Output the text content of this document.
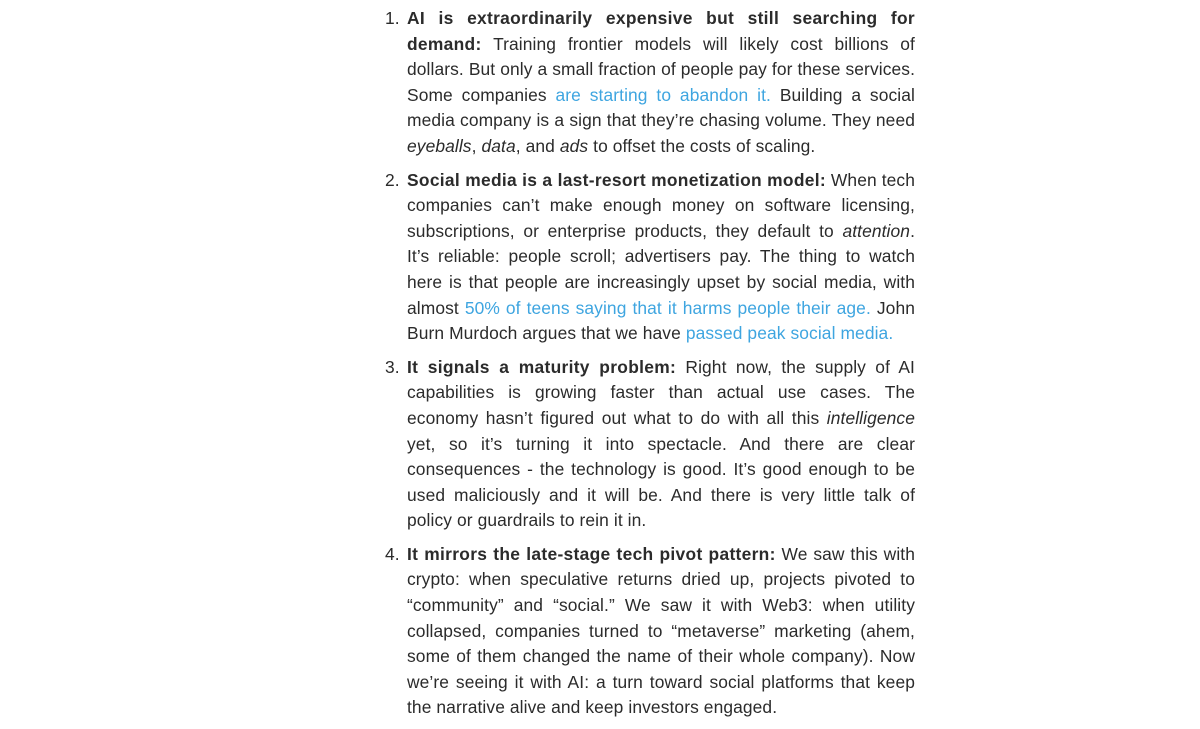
1. AI is extraordinarily expensive but still searching for demand: Training frontier models will likely cost billions of dollars. But only a small fraction of people pay for these services. Some companies are starting to abandon it. Building a social media company is a sign that they’re chasing volume. They need eyeballs, data, and ads to offset the costs of scaling.
2. Social media is a last-resort monetization model: When tech companies can’t make enough money on software licensing, subscriptions, or enterprise products, they default to attention. It’s reliable: people scroll; advertisers pay. The thing to watch here is that people are increasingly upset by social media, with almost 50% of teens saying that it harms people their age. John Burn Murdoch argues that we have passed peak social media.
3. It signals a maturity problem: Right now, the supply of AI capabilities is growing faster than actual use cases. The economy hasn’t figured out what to do with all this intelligence yet, so it’s turning it into spectacle. And there are clear consequences - the technology is good. It’s good enough to be used maliciously and it will be. And there is very little talk of policy or guardrails to rein it in.
4. It mirrors the late-stage tech pivot pattern: We saw this with crypto: when speculative returns dried up, projects pivoted to “community” and “social.” We saw it with Web3: when utility collapsed, companies turned to “metaverse” marketing (ahem, some of them changed the name of their whole company). Now we’re seeing it with AI: a turn toward social platforms that keep the narrative alive and keep investors engaged.
